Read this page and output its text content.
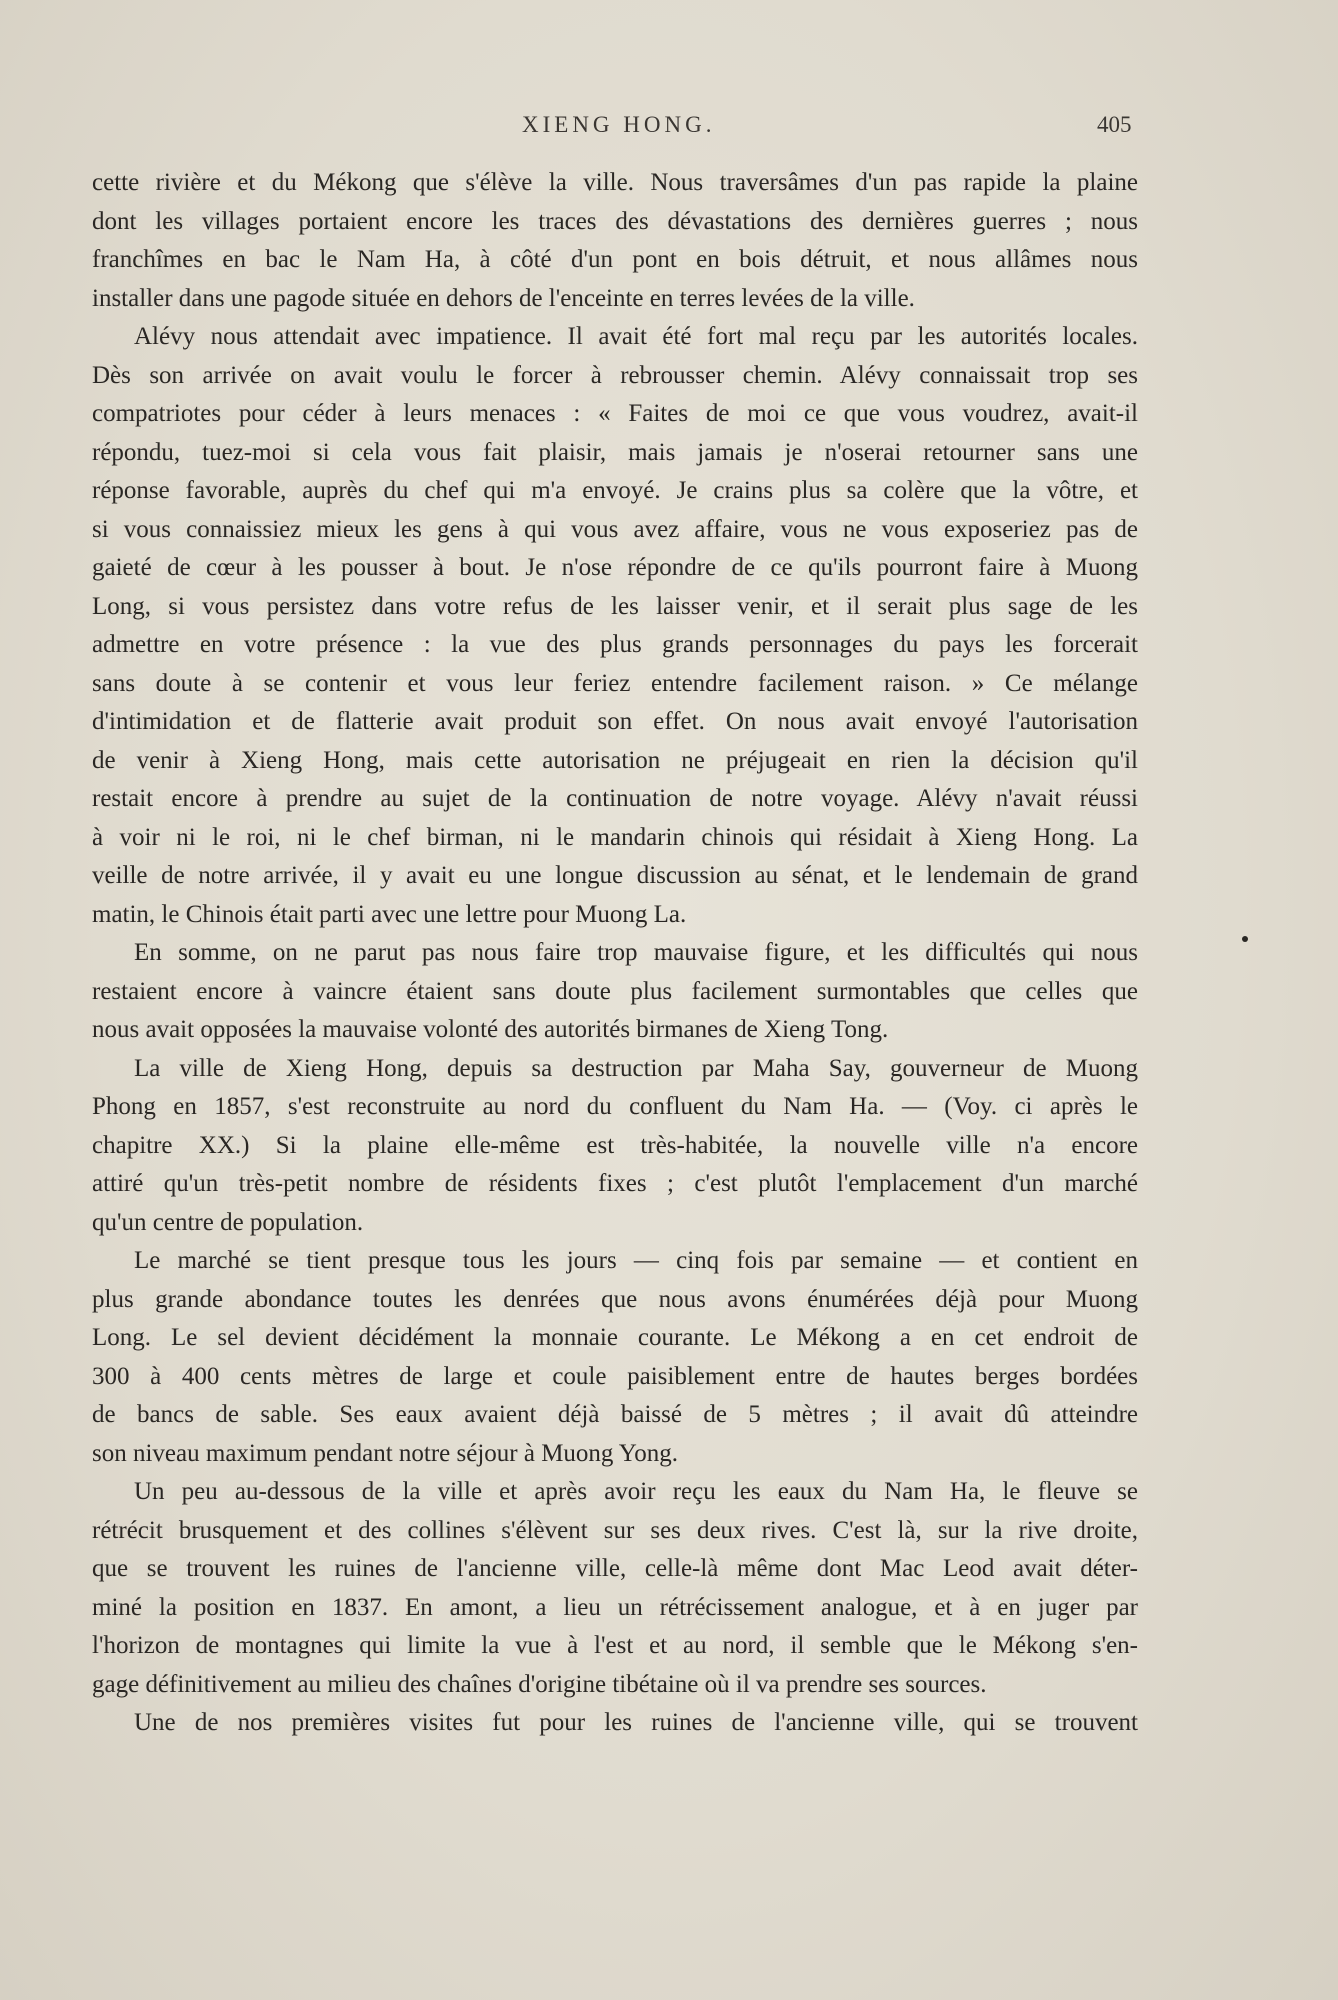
XIENG HONG.	405
cette rivière et du Mékong que s'élève la ville. Nous traversâmes d'un pas rapide la plaine
dont les villages portaient encore les traces des dévastations des dernières guerres ; nous
franchîmes en bac le Nam Ha, à côté d'un pont en bois détruit, et nous allâmes nous
installer dans une pagode située en dehors de l'enceinte en terres levées de la ville.
Alévy nous attendait avec impatience. Il avait été fort mal reçu par les autorités locales.
Dès son arrivée on avait voulu le forcer à rebrousser chemin. Alévy connaissait trop ses
compatriotes pour céder à leurs menaces : « Faites de moi ce que vous voudrez, avait-il
répondu, tuez-moi si cela vous fait plaisir, mais jamais je n'oserai retourner sans une
réponse favorable, auprès du chef qui m'a envoyé. Je crains plus sa colère que la vôtre, et
si vous connaissiez mieux les gens à qui vous avez affaire, vous ne vous exposeriez pas de
gaieté de cœur à les pousser à bout. Je n'ose répondre de ce qu'ils pourront faire à Muong
Long, si vous persistez dans votre refus de les laisser venir, et il serait plus sage de les
admettre en votre présence : la vue des plus grands personnages du pays les forcerait
sans doute à se contenir et vous leur feriez entendre facilement raison. » Ce mélange
d'intimidation et de flatterie avait produit son effet. On nous avait envoyé l'autorisation
de venir à Xieng Hong, mais cette autorisation ne préjugeait en rien la décision qu'il
restait encore à prendre au sujet de la continuation de notre voyage. Alévy n'avait réussi
à voir ni le roi, ni le chef birman, ni le mandarin chinois qui résidait à Xieng Hong. La
veille de notre arrivée, il y avait eu une longue discussion au sénat, et le lendemain de grand
matin, le Chinois était parti avec une lettre pour Muong La.
En somme, on ne parut pas nous faire trop mauvaise figure, et les difficultés qui nous
restaient encore à vaincre étaient sans doute plus facilement surmontables que celles que
nous avait opposées la mauvaise volonté des autorités birmanes de Xieng Tong.
La ville de Xieng Hong, depuis sa destruction par Maha Say, gouverneur de Muong
Phong en 1857, s'est reconstruite au nord du confluent du Nam Ha. — (Voy. ci après le
chapitre XX.) Si la plaine elle-même est très-habitée, la nouvelle ville n'a encore
attiré qu'un très-petit nombre de résidents fixes ; c'est plutôt l'emplacement d'un marché
qu'un centre de population.
Le marché se tient presque tous les jours — cinq fois par semaine — et contient en
plus grande abondance toutes les denrées que nous avons énumérées déjà pour Muong
Long. Le sel devient décidément la monnaie courante. Le Mékong a en cet endroit de
300 à 400 cents mètres de large et coule paisiblement entre de hautes berges bordées
de bancs de sable. Ses eaux avaient déjà baissé de 5 mètres ; il avait dû atteindre
son niveau maximum pendant notre séjour à Muong Yong.
Un peu au-dessous de la ville et après avoir reçu les eaux du Nam Ha, le fleuve se
rétrécit brusquement et des collines s'élèvent sur ses deux rives. C'est là, sur la rive droite,
que se trouvent les ruines de l'ancienne ville, celle-là même dont Mac Leod avait déter-
miné la position en 1837. En amont, a lieu un rétrécissement analogue, et à en juger par
l'horizon de montagnes qui limite la vue à l'est et au nord, il semble que le Mékong s'en-
gage définitivement au milieu des chaînes d'origine tibétaine où il va prendre ses sources.
Une de nos premières visites fut pour les ruines de l'ancienne ville, qui se trouvent
